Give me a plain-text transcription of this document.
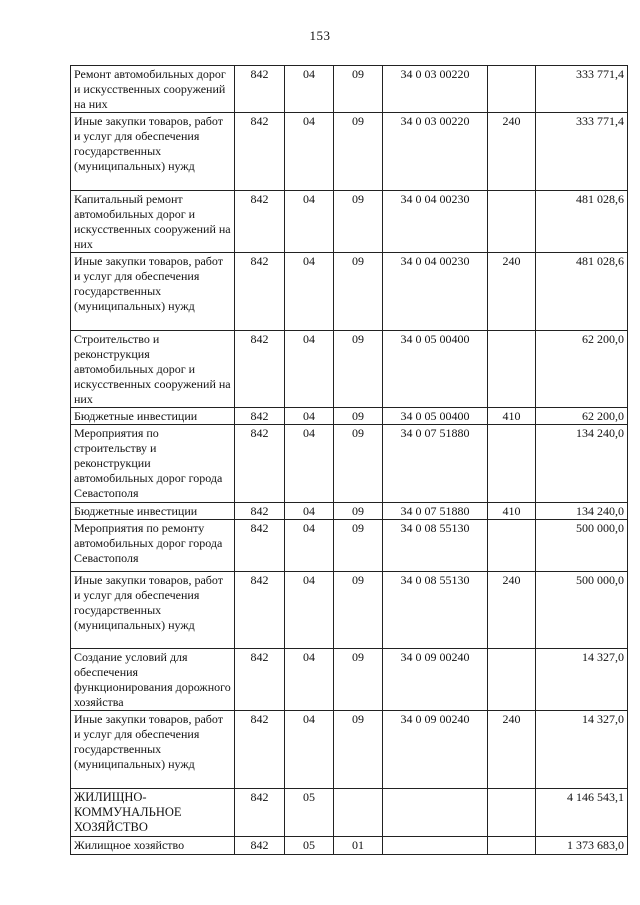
153
Ремонт автомобильных дорог и искусственных сооружений на них	842	04	09	34 0 03 00220		333 771,4
Иные закупки товаров, работ и услуг для обеспечения государственных (муниципальных) нужд	842	04	09	34 0 03 00220	240	333 771,4
Капитальный ремонт автомобильных дорог и искусственных сооружений на них	842	04	09	34 0 04 00230		481 028,6
Иные закупки товаров, работ и услуг для обеспечения государственных (муниципальных) нужд	842	04	09	34 0 04 00230	240	481 028,6
Строительство и реконструкция автомобильных дорог и искусственных сооружений на них	842	04	09	34 0 05 00400		62 200,0
Бюджетные инвестиции	842	04	09	34 0 05 00400	410	62 200,0
Мероприятия по строительству и реконструкции автомобильных дорог города Севастополя	842	04	09	34 0 07 51880		134 240,0
Бюджетные инвестиции	842	04	09	34 0 07 51880	410	134 240,0
Мероприятия по ремонту автомобильных дорог города Севастополя	842	04	09	34 0 08 55130		500 000,0
Иные закупки товаров, работ и услуг для обеспечения государственных (муниципальных) нужд	842	04	09	34 0 08 55130	240	500 000,0
Создание условий для обеспечения функционирования дорожного хозяйства	842	04	09	34 0 09 00240		14 327,0
Иные закупки товаров, работ и услуг для обеспечения государственных (муниципальных) нужд	842	04	09	34 0 09 00240	240	14 327,0
ЖИЛИЩНО-КОММУНАЛЬНОЕ ХОЗЯЙСТВО	842	05				4 146 543,1
Жилищное хозяйство	842	05	01			1 373 683,0
